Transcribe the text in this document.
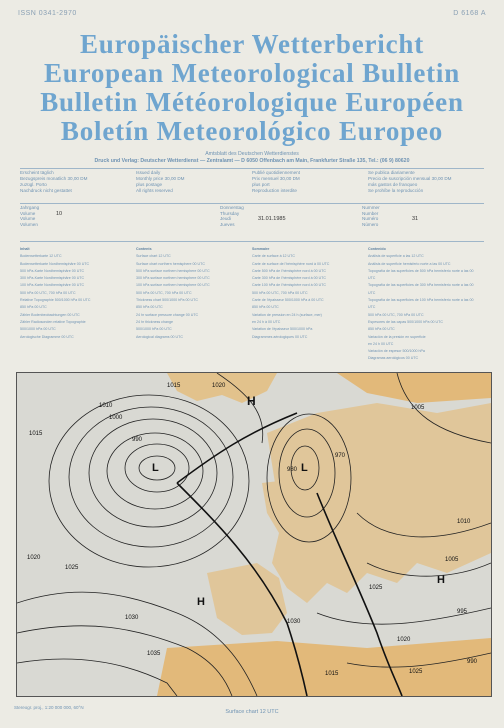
ISSN 0341-2970	D 6168 A
Europäischer Wetterbericht
European Meteorological Bulletin
Bulletin Météorologique Européen
Boletín Meteorológico Europeo
Amtsblatt des Deutschen Wetterdienstes
Druck und Verlag: Deutscher Wetterdienst — Zentralamt — D 6050 Offenbach am Main, Frankfurter Straße 135, Tel.: (06 9) 80620
Erscheint täglich
Bezugspreis monatlich 30,00 DM
zuzügl. Porto
Nachdruck nicht gestattet
Issued daily
Monthly price 30,00 DM
plus postage
All rights reserved
Publié quotidiennement
Prix mensuel 30,00 DM
plus port
Reproduction interdite
Se publica diariamente
Precio de suscripción mensual 30,00 DM
más gastos de franqueo
Se prohíbe la reproducción
Jahrgang
Volume
Volume
Volumen
10
Donnerstag
Thursday
Jeudi
Jueves
31.01.1985
Nummer
Number
Numéro
Número
31
Inhalt
Bodenwetterkarte 12 UTC
Bodenwetterkarte Nordhemisphäre 00 UTC
500 hPa-Karte Nordhemisphäre 00 UTC
300 hPa-Karte Nordhemisphäre 00 UTC
100 hPa-Karte Nordhemisphäre 00 UTC
500 hPa 00 UTC, 700 hPa 00 UTC
Relative Topographie 500/1000 hPa 00 UTC
850 hPa 00 UTC
Zähler Bodenbeobachtungen 00 UTC
Zähler Radiosonden relative Topographie
500/1000 hPa 00 UTC
Aerologische Diagramme 00 UTC
Contents
Surface chart 12 UTC
Surface chart northern hemisphere 00 UTC
500 hPa surface northern hemisphere 00 UTC
300 hPa surface northern hemisphere 00 UTC
100 hPa surface northern hemisphere 00 UTC
500 hPa 00 UTC, 700 hPa 00 UTC
Thickness chart 500/1000 hPa 00 UTC
850 hPa 00 UTC
24 hr surface pressure change 00 UTC
24 hr thickness change
500/1000 hPa 00 UTC
Aerological diagrams 00 UTC
Sommaire
Carte de surface à 12 UTC
Carte de surface de l'hémisphère nord à 00 UTC
Carte 500 hPa de l'hémisphère nord à 00 UTC
Carte 300 hPa de l'hémisphère nord à 00 UTC
Carte 100 hPa de l'hémisphère nord à 00 UTC
500 hPa 00 UTC, 700 hPa 00 UTC
Carte de l'épaisseur 500/1000 hPa à 00 UTC
850 hPa 00 UTC
Variation de pression en 24 h (surface, mer)
en 24 h à 00 UTC
Variation de l'épaisseur 500/1000 hPa
Diagrammes aérologiques 00 UTC
Contenido
Análisis de superficie a las 12 UTC
Análisis de superficie hemisferio norte a las 00 UTC
Topografía de las superficies de 500 hPa hemisferio norte a las 00 UTC
Topografía de las superficies de 300 hPa hemisferio norte a las 00 UTC
Topografía de las superficies de 100 hPa hemisferio norte a las 00 UTC
500 hPa 00 UTC, 700 hPa 00 UTC
Espesores de las capas 500/1000 hPa 00 UTC
850 hPa 00 UTC
Variación de la presión en superficie
en 24 h 00 UTC
Variación de espesor 500/1000 hPa
Diagramas aerológicos 00 UTC
L	L
H
H
H
1015	1020
1010
1000
990
980
970
1005
1015
1020
1025
1030
1035
1025
1010
1005
995
990
1015
1020
1030
1025
Stereogr. proj., 1:20 000 000, 60°N
Surface chart 12 UTC
